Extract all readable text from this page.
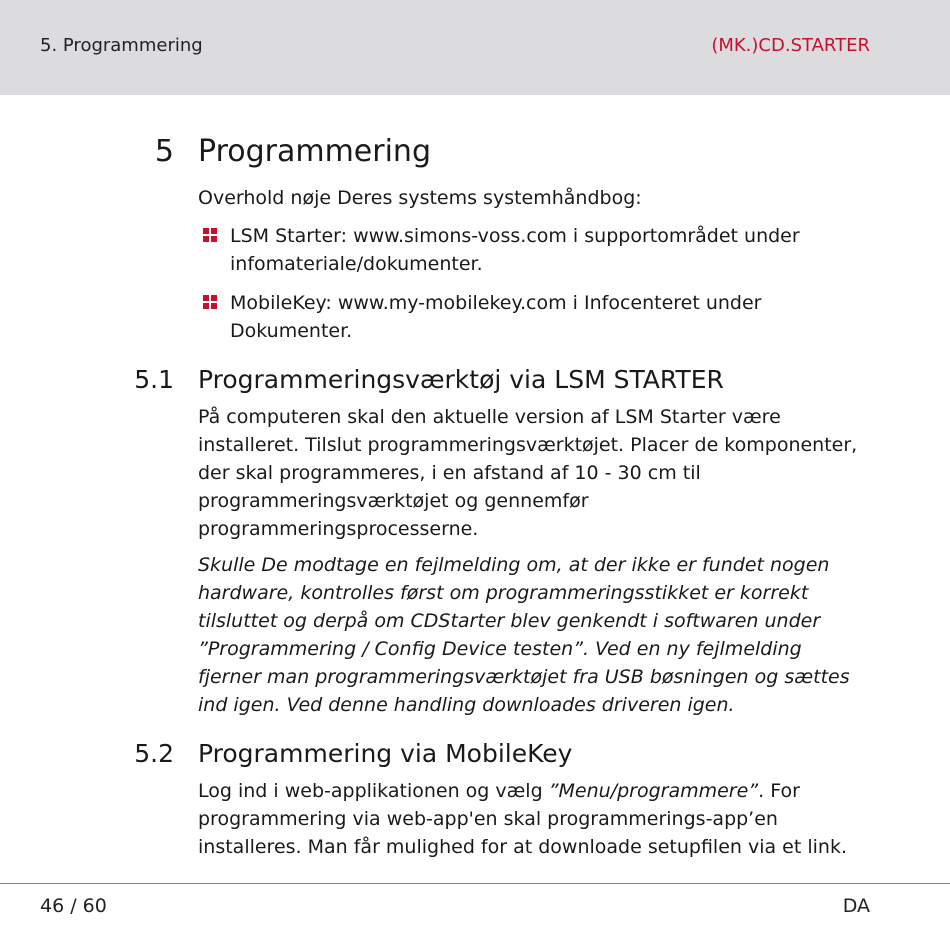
5. Programmering	(MK.)CD.STARTER
5 Programmering

Overhold nøje Deres systems systemhåndbog:

LSM Starter: www.simons-voss.com i supportområdet under infomateriale/dokumenter.
MobileKey: www.my-mobilekey.com i Infocenteret under Dokumenter.
5.1 Programmeringsværktøj via LSM STARTER

På computeren skal den aktuelle version af LSM Starter være installeret. Tilslut programmeringsværktøjet. Placer de komponenter, der skal programmeres, i en afstand af 10 - 30 cm til programmeringsværktøjet og gennemfør programmeringsprocesserne.

Skulle De modtage en fejlmelding om, at der ikke er fundet nogen hardware, kontrolles først om programmeringsstikket er korrekt tilsluttet og derpå om CDStarter blev genkendt i softwaren under ”Programmering / Config Device testen”. Ved en ny fejlmelding fjerner man programmeringsværktøjet fra USB bøsningen og sættes ind igen. Ved denne handling downloades driveren igen.

5.2 Programmering via MobileKey

Log ind i web-applikationen og vælg ”Menu/programmere”. For programmering via web-app'en skal programmerings-app’en installeres. Man får mulighed for at downloade setupfilen via et link.

46 / 60	DA
